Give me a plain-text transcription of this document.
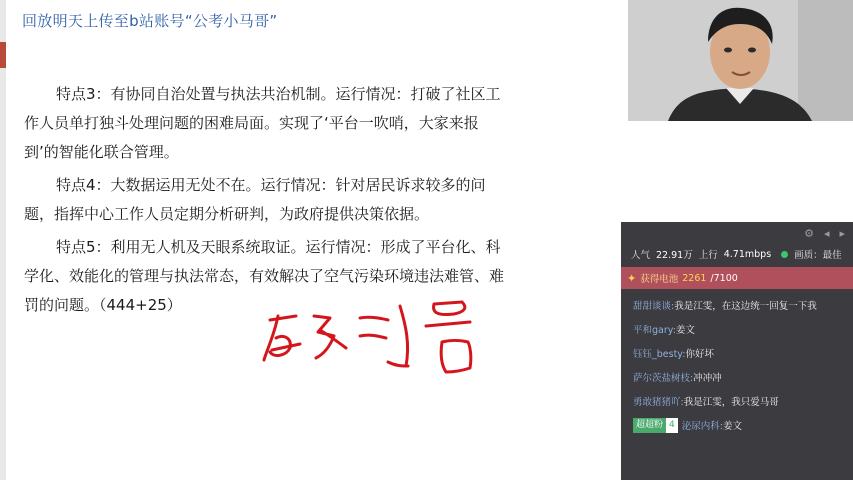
回放明天上传至b站账号“公考小马哥”

特点3：有协同自治处置与执法共治机制。运行情况：打破了社区工作人员单打独斗处理问题的困难局面。实现了‘平台一吹哨，大家来报到’的智能化联合管理。

特点4：大数据运用无处不在。运行情况：针对居民诉求较多的问题，指挥中心工作人员定期分析研判，为政府提供决策依据。

特点5：利用无人机及天眼系统取证。运行情况：形成了平台化、科学化、效能化的管理与执法常态，有效解决了空气污染环境违法难管、难罚的问题。（444+25）

⚙ ◂ ▸
人气 22.91万 上行 4.71mbps 画质：最佳
✦ 获得电池 2261 /7100
甜甜谈谈: 我是江雯，在这边统一回复一下我
平和gary: 姜文
钰钰_besty: 你好坏
萨尔茨盐树枝: 冲冲冲
勇敢猪猪吖: 我是江雯，我只爱马哥
超超粉 4 泌尿内科: 姜文
